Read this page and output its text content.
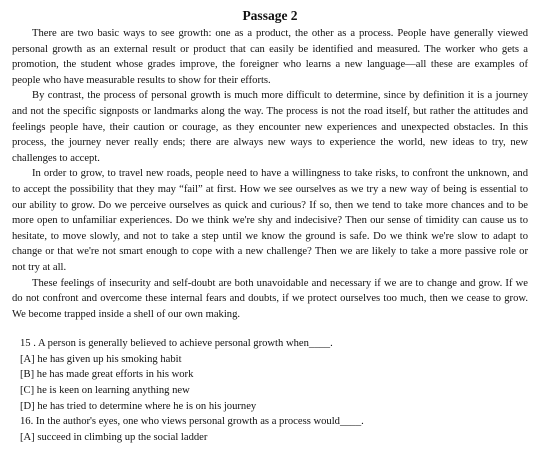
Passage 2

There are two basic ways to see growth: one as a product, the other as a process. People have generally viewed personal growth as an external result or product that can easily be identified and measured. The worker who gets a promotion, the student whose grades improve, the foreigner who learns a new language—all these are examples of people who have measurable results to show for their efforts.

By contrast, the process of personal growth is much more difficult to determine, since by definition it is a journey and not the specific signposts or landmarks along the way. The process is not the road itself, but rather the attitudes and feelings people have, their caution or courage, as they encounter new experiences and unexpected obstacles. In this process, the journey never really ends; there are always new ways to experience the world, new ideas to try, new challenges to accept.

In order to grow, to travel new roads, people need to have a willingness to take risks, to confront the unknown, and to accept the possibility that they may “fail” at first. How we see ourselves as we try a new way of being is essential to our ability to grow. Do we perceive ourselves as quick and curious? If so, then we tend to take more chances and to be more open to unfamiliar experiences. Do we think we're shy and indecisive? Then our sense of timidity can cause us to hesitate, to move slowly, and not to take a step until we know the ground is safe. Do we think we're slow to adapt to change or that we're not smart enough to cope with a new challenge? Then we are likely to take a more passive role or not try at all.

These feelings of insecurity and self-doubt are both unavoidable and necessary if we are to change and grow. If we do not confront and overcome these internal fears and doubts, if we protect ourselves too much, then we cease to grow. We become trapped inside a shell of our own making.

15 . A person is generally believed to achieve personal growth when____.
[A] he has given up his smoking habit
[B] he has made great efforts in his work
[C] he is keen on learning anything new
[D] he has tried to determine where he is on his journey
16. In the author's eyes, one who views personal growth as a process would____.
[A] succeed in climbing up the social ladder
